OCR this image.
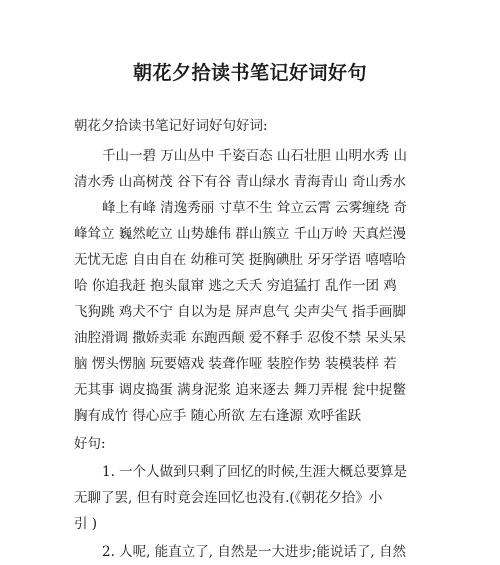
朝花夕拾读书笔记好词好句
朝花夕拾读书笔记好词好句好词:
千山一碧 万山丛中 千姿百态 山石壮胆 山明水秀 山
清水秀 山高树茂 谷下有谷 青山绿水 青海青山 奇山秀水
峰上有峰 清逸秀丽 寸草不生 耸立云霄 云雾缠绕 奇
峰耸立 巍然屹立 山势雄伟 群山簇立 千山万岭 天真烂漫
无忧无虑 自由自在 幼稚可笑 挺胸碘肚 牙牙学语 嘻嘻哈
哈 你追我赶 抱头鼠窜 逃之夭夭 穷追猛打 乱作一团 鸡
飞狗跳 鸡犬不宁 自以为是 屏声息气 尖声尖气 指手画脚
油腔滑调 撒娇卖乖 东跑西颠 爱不释手 忍俊不禁 呆头呆
脑 愣头愣脑 玩要嬉戏 装聋作哑 装腔作势 装模装样 若
无其事 调皮捣蛋 满身泥浆 追来逐去 舞刀弄棍 瓮中捉鳖
胸有成竹 得心应手 随心所欲 左右逢源 欢呼雀跃
好句:
1. 一个人做到只剩了回忆的时候,生涯大概总要算是
无聊了罢, 但有时竟会连回忆也没有.(《朝花夕拾》小
引 )
2. 人呢, 能直立了, 自然是一大进步;能说话了, 自然
